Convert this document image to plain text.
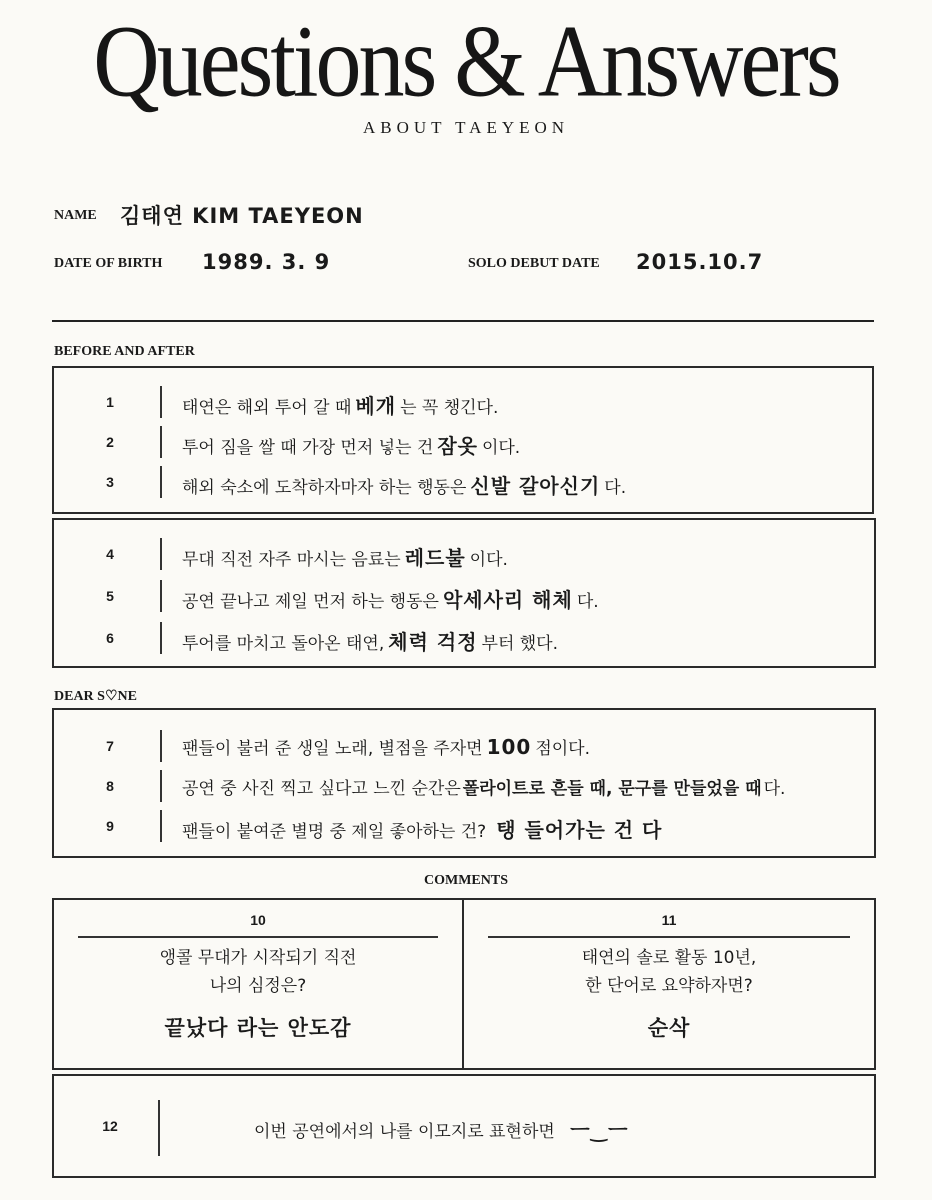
Questions & Answers
ABOUT TAEYEON
NAME 김태연 KIM TAEYEON
DATE OF BIRTH 1989. 3. 9	SOLO DEBUT DATE 2015.10.7
BEFORE AND AFTER
1	태연은 해외 투어 갈 때 베개 는 꼭 챙긴다.
2	투어 짐을 쌀 때 가장 먼저 넣는 건 잠옷 이다.
3	해외 숙소에 도착하자마자 하는 행동은 신발 갈아신기 다.
4	무대 직전 자주 마시는 음료는 레드불 이다.
5	공연 끝나고 제일 먼저 하는 행동은 악세사리 해체 다.
6	투어를 마치고 돌아온 태연, 체력 걱정 부터 했다.
DEAR S♡NE
7	팬들이 불러 준 생일 노래, 별점을 주자면 100 점이다.
8	공연 중 사진 찍고 싶다고 느낀 순간은 폴라이트로 흔들 때, 문구를 만들었을 때 다.
9	팬들이 붙여준 별명 중 제일 좋아하는 건? 탱 들어가는 건 다
COMMENTS
10
앵콜 무대가 시작되기 직전
나의 심정은?
끝났다 라는 안도감
11
태연의 솔로 활동 10년,
한 단어로 요약하자면?
순삭
12	이번 공연에서의 나를 이모지로 표현하면 ㅡ‿ㅡ
